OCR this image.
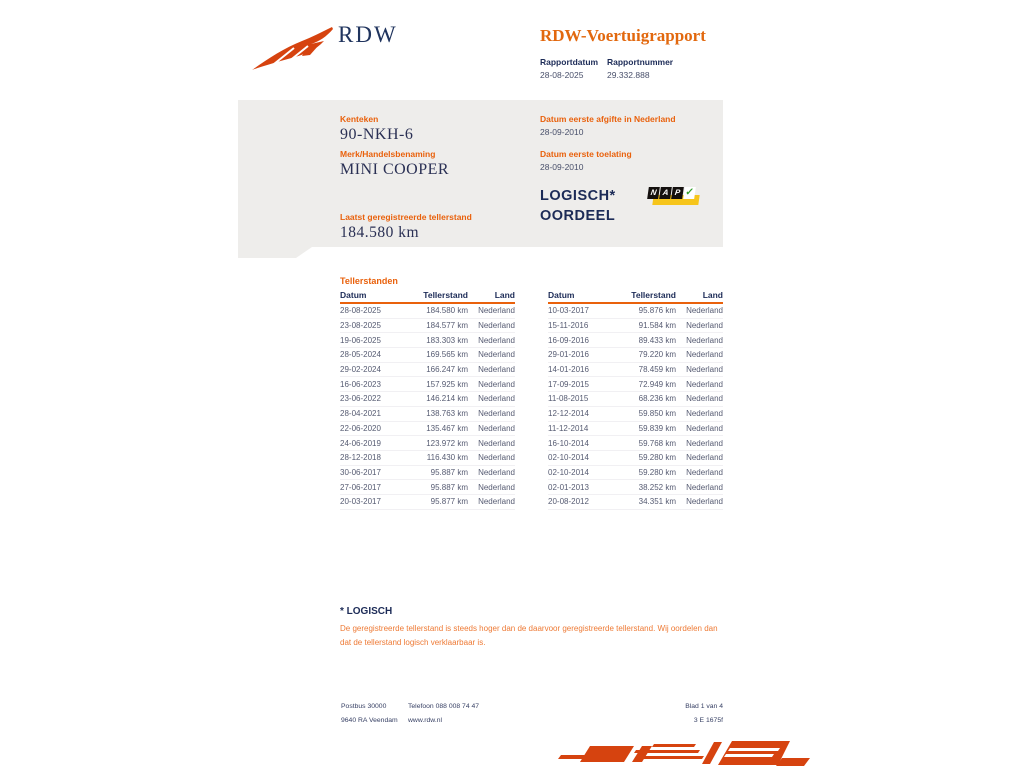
RDW	RDW-Voertuigrapport
Rapportdatum
28-08-2025
Rapportnummer
29.332.888
Kenteken
90-NKH-6
Merk/Handelsbenaming
MINI COOPER
Laatst geregistreerde tellerstand
184.580 km
Datum eerste afgifte in Nederland
28-09-2010
Datum eerste toelating
28-09-2010
LOGISCH*
OORDEEL
N A P ✓
Tellerstanden
Datum	Tellerstand	Land
28-08-2025	184.580 km	Nederland
23-08-2025	184.577 km	Nederland
19-06-2025	183.303 km	Nederland
28-05-2024	169.565 km	Nederland
29-02-2024	166.247 km	Nederland
16-06-2023	157.925 km	Nederland
23-06-2022	146.214 km	Nederland
28-04-2021	138.763 km	Nederland
22-06-2020	135.467 km	Nederland
24-06-2019	123.972 km	Nederland
28-12-2018	116.430 km	Nederland
30-06-2017	95.887 km	Nederland
27-06-2017	95.887 km	Nederland
20-03-2017	95.877 km	Nederland
Datum	Tellerstand	Land
10-03-2017	95.876 km	Nederland
15-11-2016	91.584 km	Nederland
16-09-2016	89.433 km	Nederland
29-01-2016	79.220 km	Nederland
14-01-2016	78.459 km	Nederland
17-09-2015	72.949 km	Nederland
11-08-2015	68.236 km	Nederland
12-12-2014	59.850 km	Nederland
11-12-2014	59.839 km	Nederland
16-10-2014	59.768 km	Nederland
02-10-2014	59.280 km	Nederland
02-10-2014	59.280 km	Nederland
02-01-2013	38.252 km	Nederland
20-08-2012	34.351 km	Nederland
* LOGISCH
De geregistreerde tellerstand is steeds hoger dan de daarvoor geregistreerde tellerstand. Wij oordelen dan
dat de tellerstand logisch verklaarbaar is.
Postbus 30000
9640 RA Veendam
Telefoon 088 008 74 47
www.rdw.nl
Blad 1 van 4
3 E 1675f
